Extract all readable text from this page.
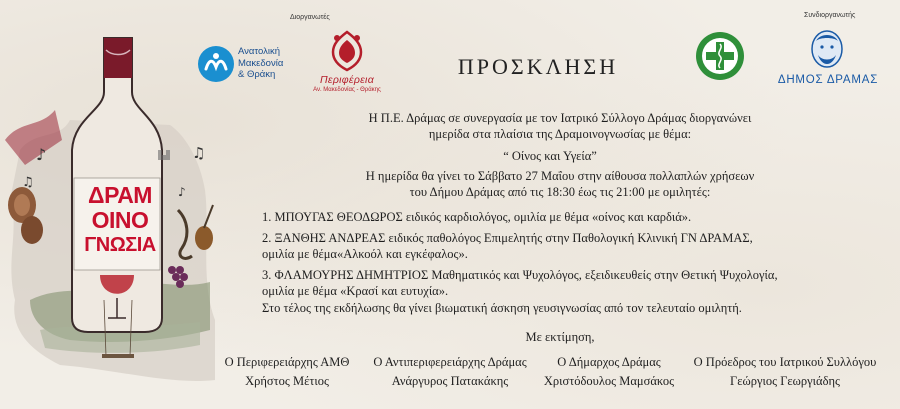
♪
♫
♫
♪
ΔΡΑΜ
ΟΙΝΟ
ΓΝΩΣΙΑ
Διοργανωτές
Ανατολική
Μακεδονία
& Θράκη	Περιφέρεια
Αν. Μακεδονίας - Θράκης
ΠΡΟΣΚΛΗΣΗ
Συνδιοργανωτής
ΔΗΜΟΣ ΔΡΑΜΑΣ
Η Π.Ε. Δράμας σε συνεργασία με τον Ιατρικό Σύλλογο Δράμας διοργανώνει
ημερίδα στα πλαίσια της Δραμοινογνωσίας με θέμα:
“ Οίνος και Υγεία”
Η ημερίδα θα γίνει το Σάββατο 27 Μαΐου στην αίθουσα πολλαπλών χρήσεων
του Δήμου Δράμας από τις 18:30 έως τις 21:00 με ομιλητές:
1. ΜΠΟΥΓΑΣ ΘΕΟΔΩΡΟΣ ειδικός καρδιολόγος, ομιλία με θέμα «οίνος και καρδιά».
2. ΞΑΝΘΗΣ ΑΝΔΡΕΑΣ ειδικός παθολόγος Επιμελητής στην Παθολογική Κλινική ΓΝ ΔΡΑΜΑΣ,
ομιλία με θέμα«Αλκοόλ και εγκέφαλος».
3. ΦΛΑΜΟΥΡΗΣ ΔΗΜΗΤΡΙΟΣ Μαθηματικός και Ψυχολόγος, εξειδικευθείς στην Θετική Ψυχολογία,
ομιλία με θέμα «Κρασί και ευτυχία».
Στο τέλος της εκδήλωσης θα γίνει βιωματική άσκηση γευσιγνωσίας από τον τελευταίο ομιλητή.
Με εκτίμηση,
Ο Περιφερειάρχης ΑΜΘ
Χρήστος Μέτιος
Ο Αντιπεριφερειάρχης Δράμας
Ανάργυρος Πατακάκης
Ο Δήμαρχος Δράμας
Χριστόδουλος Μαμσάκος
Ο Πρόεδρος του Ιατρικού Συλλόγου
Γεώργιος Γεωργιάδης
